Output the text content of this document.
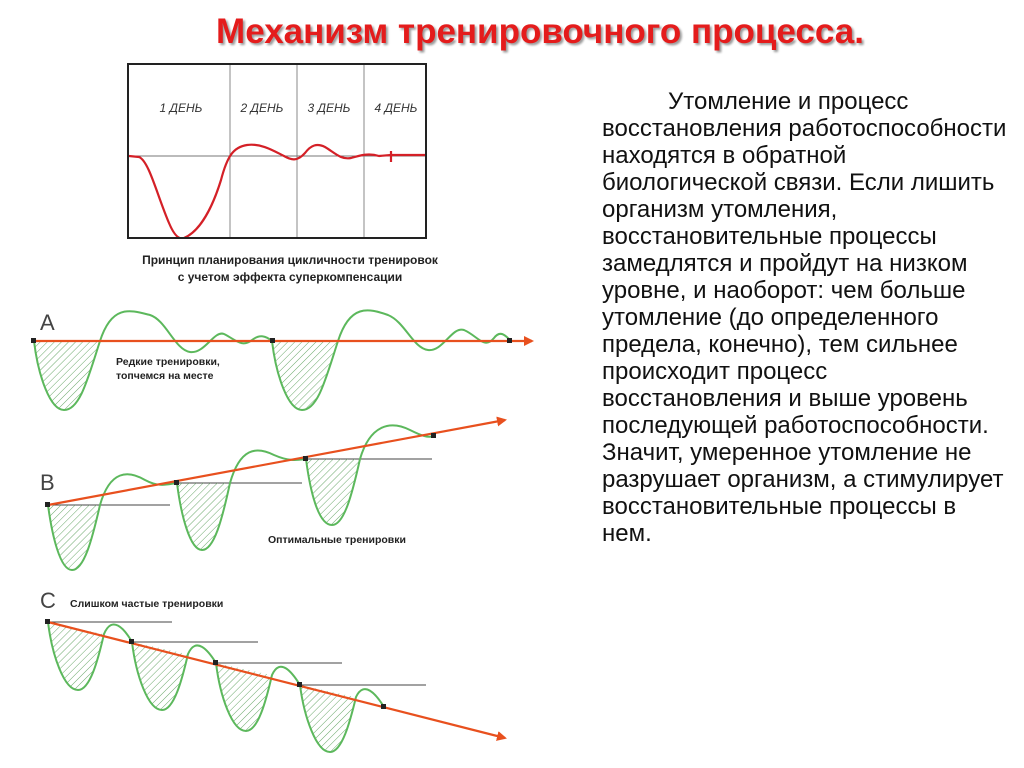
Механизм тренировочного процесса.
1 ДЕНЬ	2 ДЕНЬ	3 ДЕНЬ	4 ДЕНЬ
Принцип планирования цикличности тренировок
с учетом эффекта суперкомпенсации
A
Редкие тренировки,
топчемся на месте
B
Оптимальные тренировки
C Слишком частые тренировки
Утомление и процесс восстановления работоспособности находятся в обратной биологической связи. Если лишить организм утомления, восстановительные процессы замедлятся и пройдут на низком уровне, и наоборот: чем больше утомление (до определенного предела, конечно), тем сильнее происходит процесс восстановления и выше уровень последующей работоспособности. Значит, умеренное утомление не разрушает организм, а стимулирует восстановительные процессы в нем.
